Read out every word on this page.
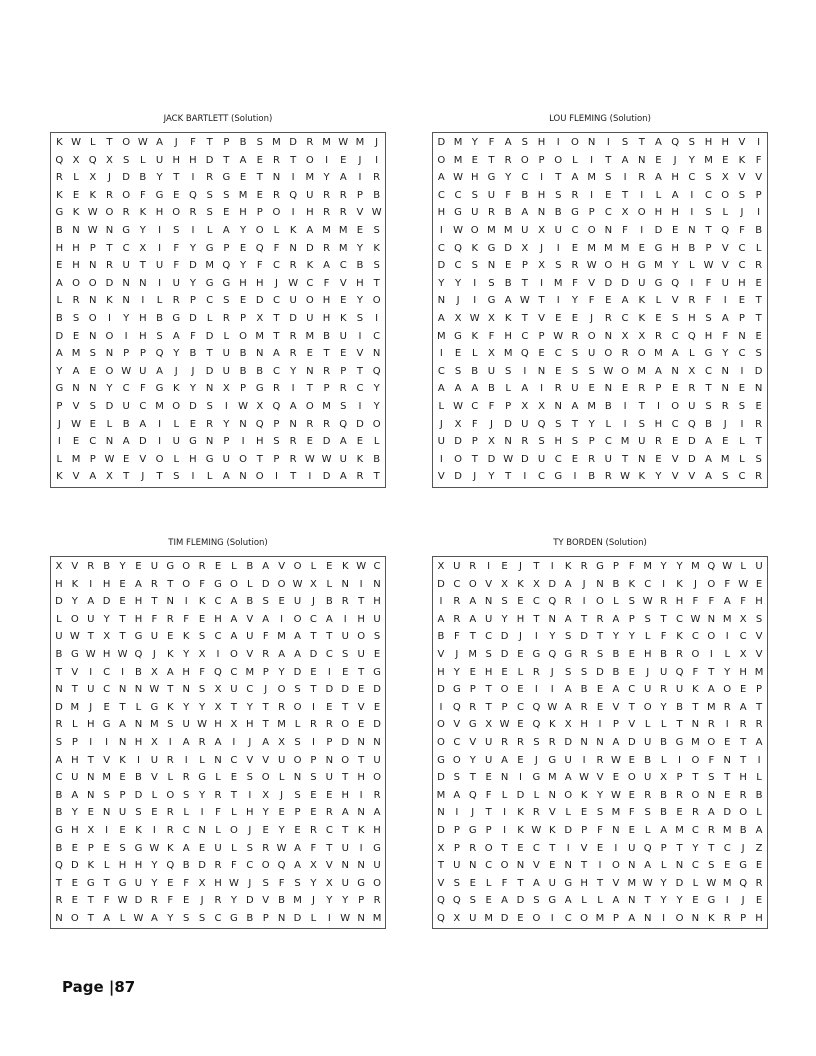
JACK BARTLETT (Solution)
K W L	T O W A	J	F	T	P	B	S M D R M W M	J
Q X Q X	S	L	U H H D T	A	E	R	T O	I	E	J	I
R	L	X	J	D B	Y	T	I	R G E	T N	I	M Y	A	I	R
K	E	K R O F G E Q S	S M E	R Q U R R	P	B
G K W O R K H O R	S	E H P O	I	H R R V W
B N W N G Y	I	S	I	L	A	Y O L	K	A M M E	S
H H P	T	C X	I	F	Y G P	E Q F	N D R M Y	K
E H N R U T U	F D M Q Y	F	C R K A C B	S
A O O D N N	I	U Y G G H H	J	W C	F	V H T
L	R N K N	I	L	R	P	C	S	E D C U O H E	Y O
B	S O	I	Y H B G D	L	R	P	X	T D U H K	S	I
D E N O	I	H S	A	F D	L O M T	R M B U	I	C
A M S N P	P Q Y	B	T U B N A R	E	T	E	V N
Y	A	E O W U A	J	J	D U B B C	Y N R	P	T Q
G N N Y	C	F G K	Y N X	P G R	I	T	P	R C	Y
P	V	S D U C M O D S	I	W X Q A O M S	I	Y
J	W E	L	B A	I	L	E	R	Y N Q P N R R Q D O
I	E	C N A D	I	U G N P	I	H S	R	E D A	E	L
L M P W E	V O L	H G U O T	P	R W W U K B
K V A X	T	J	T	S	I	L	A N O	I	T	I	D A R	T
LOU FLEMING (Solution)
D M Y	F	A	S H	I	O N	I	S	T	A Q S H H V	I
O M E	T	R O P O L	I	T	A N E	J	Y M E	K	F
A W H G Y	C	I	T	A M S	I	R A H C	S	X V V
C C	S U	F	B H S	R	I	E	T	I	L	A	I	C O S	P
H G U R B A N B G P	C X O H H	I	S	L	J	I
I	W O M M U X U C O N	F	I	D E N T Q F	B
C Q K G D X	J	I	E M M M E G H B	P	V C	L
D C	S N E	P	X	S	R W O H G M Y	L W V C R
Y	Y	I	S	B	T	I	M F	V D D U G Q	I	F	U H E
N	J	I	G A W T	I	Y	F	E	A	K	L	V R	F	I	E	T
A X W X K	T	V	E	E	J	R C K	E	S H S	A	P	T
M G K	F	H C	P W R O N X X R C Q H	F	N E
I	E	L	X M Q E	C	S U O R O M A	L	G Y	C	S
C	S	B U S	I	N E	S	S W O M A N X C N	I	D
A A A B	L	A	I	R U E N E	R	P	E	R	T N E N
L W C	F	P	X X N A M B	I	T	I	O U S	R	S	E
J	X	F	J	D U Q S	T	Y	L	I	S H C Q B	J	I	R
U D P	X N R	S H S	P	C M U R	E D A	E	L	T
I	O T D W D U C	E	R U T N E	V D A M L	S
V D	J	Y	T	I	C G	I	B R W K	Y	V V A	S	C R
TIM FLEMING (Solution)
X V R B Y E U G O R E L B A V O L E K W C
H K	I	H E A R T O F G O L D O W X L N	I	N
D Y A D E H T N	I	K C A B S E U	J	B R T H
L O U Y T H F R F E H A V A	I	O C A	I	H U
U W T X T G U E K S C A U F M A T T U O S
B G W H W Q	J	K Y X	I	O V R A A D C S U E
T V	I	C	I	B X A H F Q C M P Y D E	I	E T G
N T U C N N W T N S X U C	J	O S T D D E D
D M	J	E T	L G K Y Y X T Y T R O	I	E T V E
R L H G A N M S U W H X H T M L R R O E D
S P	I	I	N H X	I	A R A	I	J	A X S	I	P D N N
A H T V K	I	U R	I	L N C V V U O P N O T U
C U N M E B V L R G L E S O L N S U T H O
B A N S P D L O S Y R T	I	X	J	S E E H	I	R
B Y E N U S E R L	I	F	L H Y E P E R A N A
G H X	I	E K	I	R C N L O	J	E Y E R C T K H
B E P E S G W K A E U L S R W A F T U	I	G
Q D K L H H Y Q B D R F C O Q A X V N N U
T E G T G U Y E F X H W J	S F S Y X U G O
R E T F W D R F E	J	R Y D V B M	J	Y Y P R
N O T A L W A Y S S C G B P N D L	I W N M
TY BORDEN (Solution)
X U R	I	E	J	T	I	K R G P	F M Y Y M Q W L U
D C O V X K X D A	J	N B K C	I	K	J	O F W E
I	R A N S E C Q R	I	O L S W R H F	F A F H
A R A U Y H T N A T R A P S T C W N M X S
B F T C D	J	I	Y S D T Y Y	L	F K C O	I	C V
V	J	M S D E G Q G R S B E H B R O	I	L X V
H Y E H E L R	J	S S D B E	J	U Q F T Y H M
D G P T O E	I	I	A B E A C U R U K A O E P
I	Q R T P C Q W A R E V T O Y B T M R A T
O V G X W E Q K X H	I	P V L	L	T N R	I	R R
O C V U R R S R D N N A D U B G M O E T A
G O Y U A E	J	G U	I	R W E B L	I	O F N T	I
D S T E N	I	G M A W V E O U X P T S T H L
M A Q F	L D L N O K Y W E R B R O N E R B
N	I	J	T	I	K R V L E S M F S B E R A D O L
D P G P	I	K W K D P	F N E L A M C R M B A
X P R O T E C T	I	V E	I	U Q P T Y T C	J	Z
T U N C O N V E N T	I	O N A L N C S E G E
V S E L	F T A U G H T V M W Y D L W M Q R
Q Q S E A D S G A L	L A N T Y Y E G	I	J	E
Q X U M D E O	I	C O M P A N	I	O N K R P H
Page |87
